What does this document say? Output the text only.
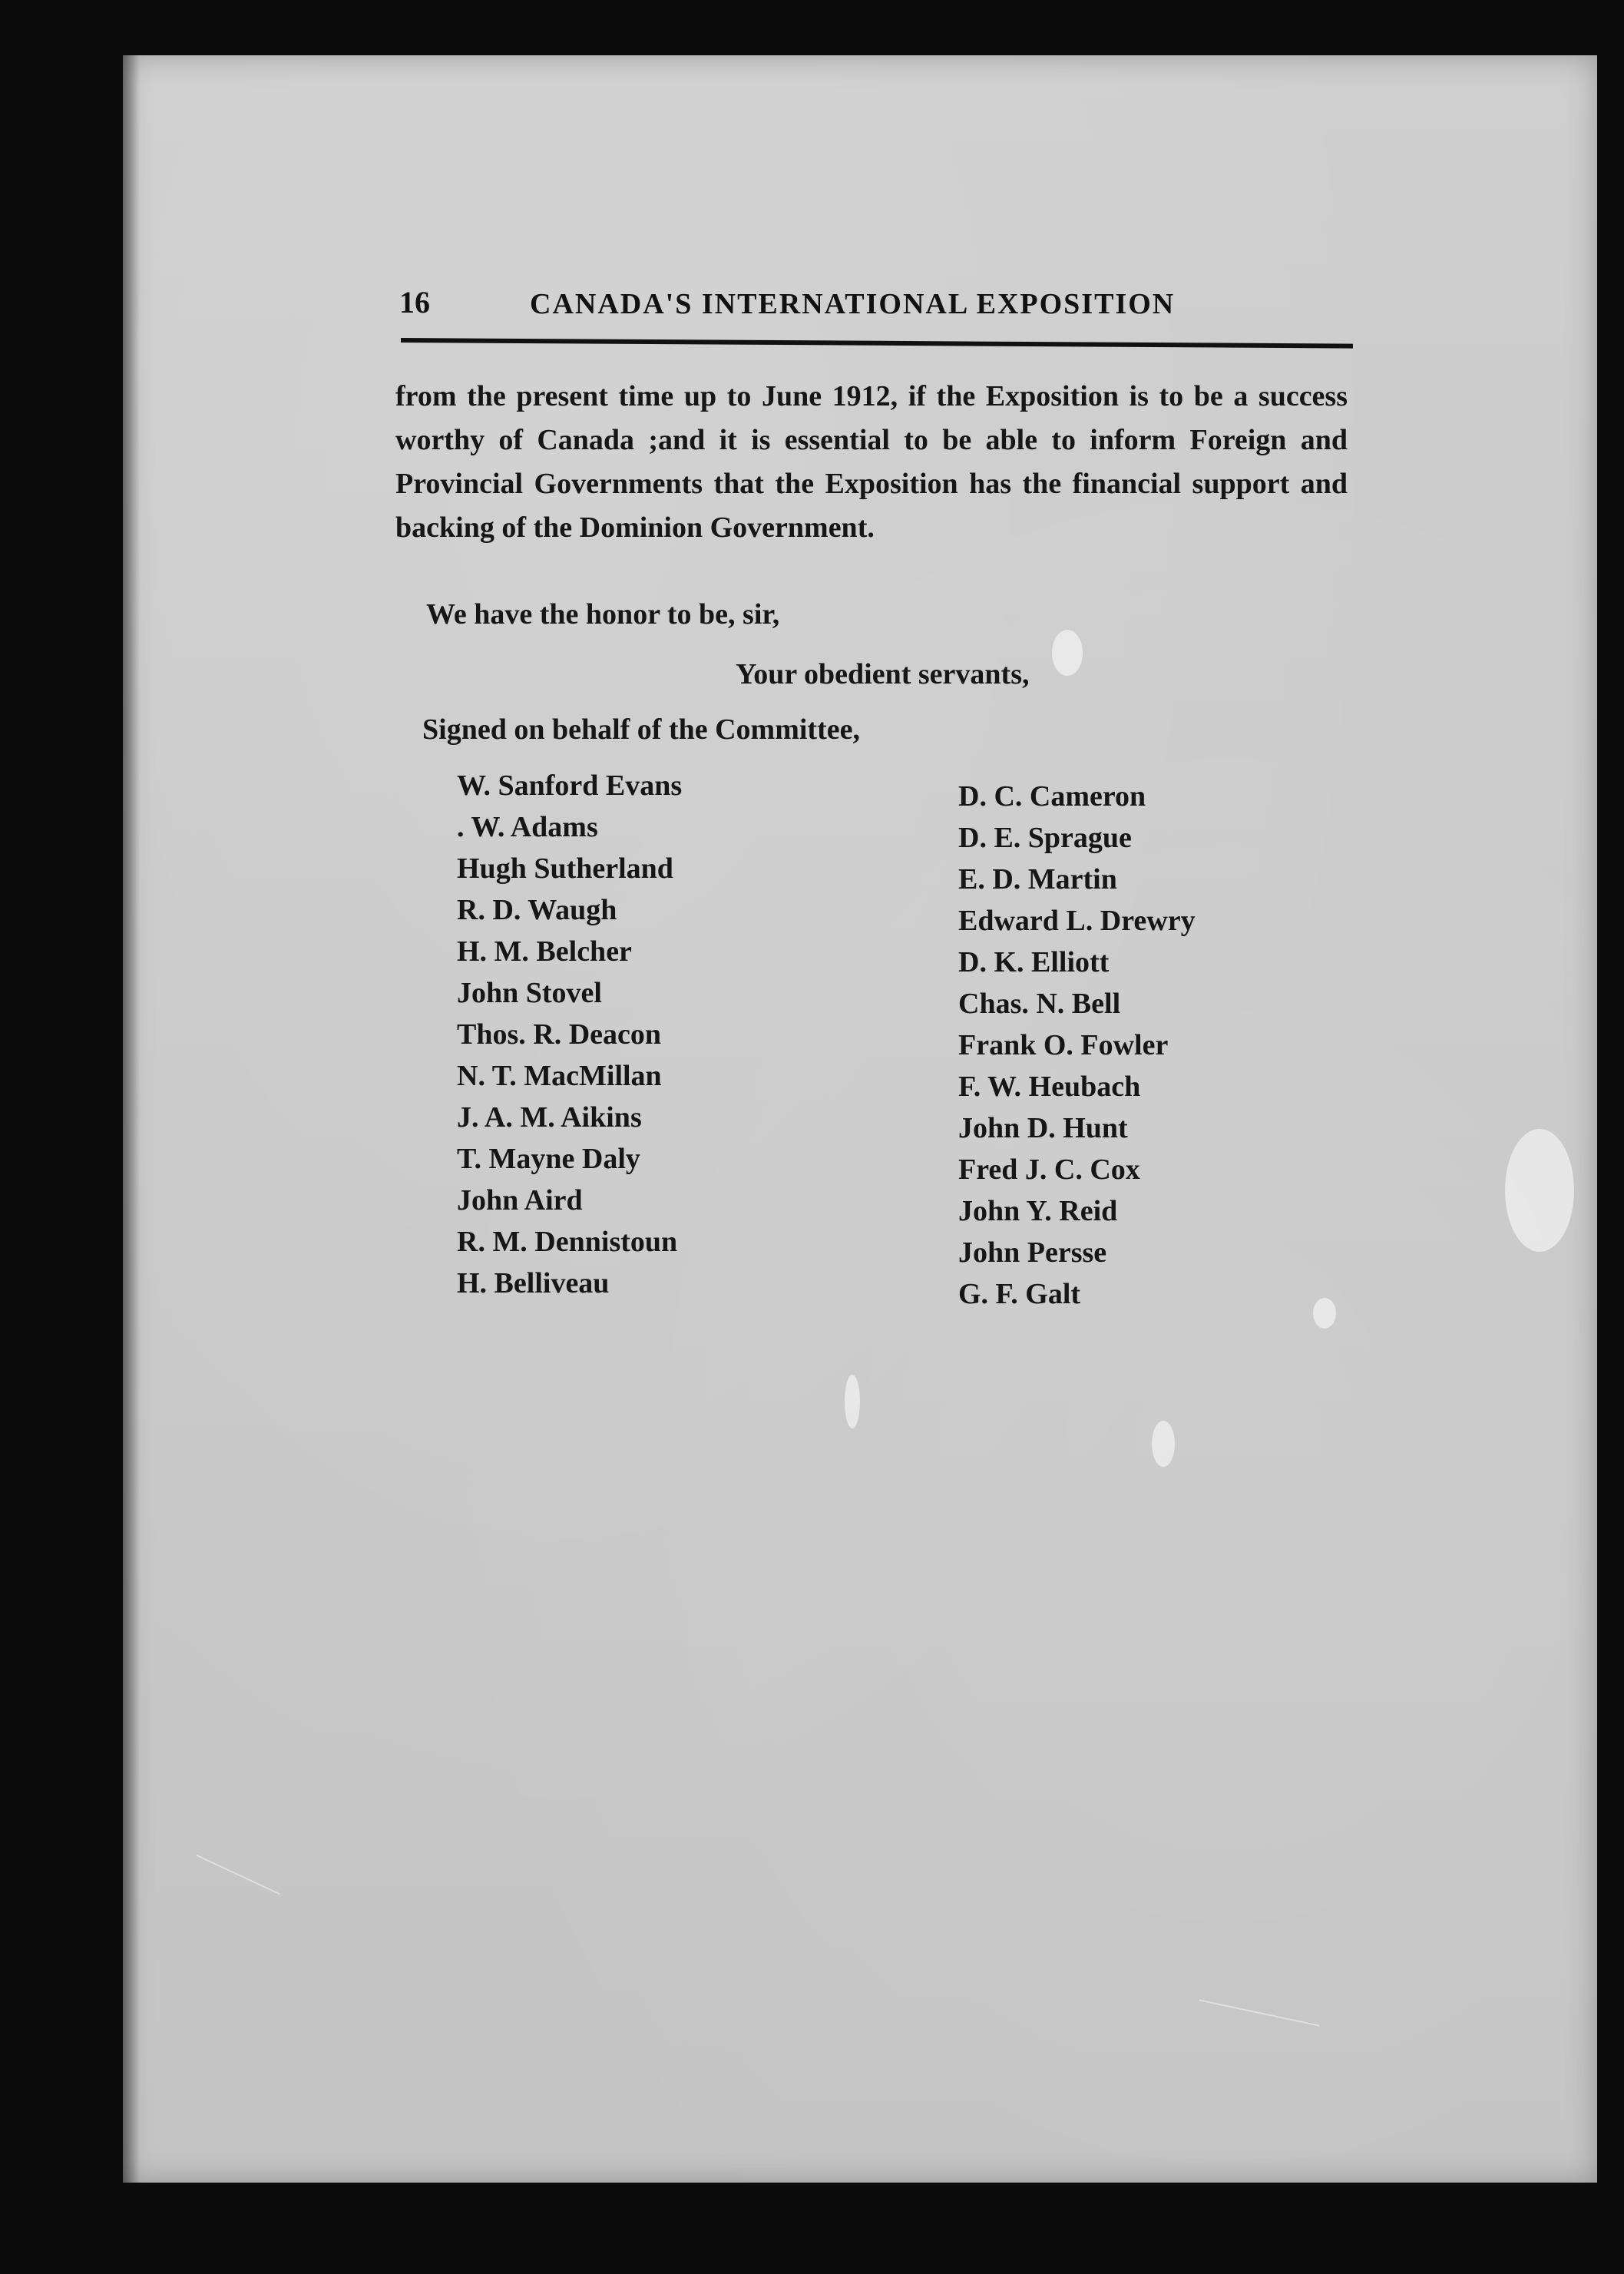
16	CANADA'S INTERNATIONAL EXPOSITION
from the present time up to June 1912, if the Exposition is to be a success worthy of Canada ;and it is essential to be able to inform Foreign and Provincial Governments that the Exposition has the financial support and backing of the Dominion Government.
We have the honor to be, sir,
Your obedient servants,
Signed on behalf of the Committee,
W. Sanford Evans
. W. Adams
Hugh Sutherland
R. D. Waugh
H. M. Belcher
John Stovel
Thos. R. Deacon
N. T. MacMillan
J. A. M. Aikins
T. Mayne Daly
John Aird
R. M. Dennistoun
H. Belliveau
D. C. Cameron
D. E. Sprague
E. D. Martin
Edward L. Drewry
D. K. Elliott
Chas. N. Bell
Frank O. Fowler
F. W. Heubach
John D. Hunt
Fred J. C. Cox
John Y. Reid
John Persse
G. F. Galt
